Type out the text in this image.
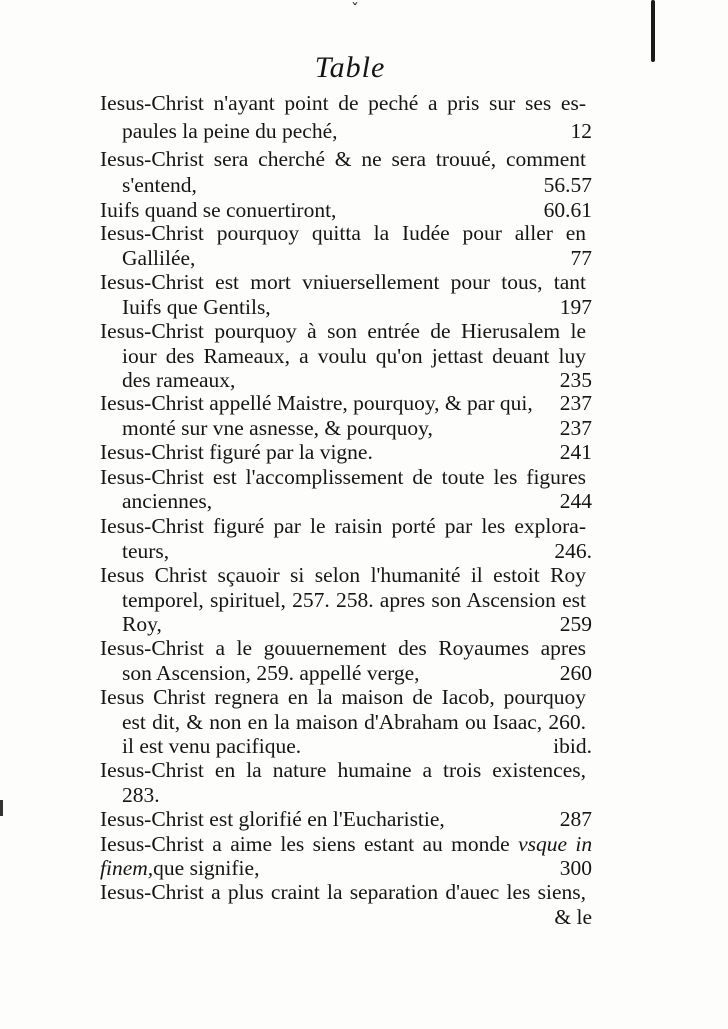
ˇ
Table
Iesus-Christ n'ayant point de peché a pris sur ses es-
paules la peine du peché,	12
Iesus-Christ sera cherché & ne sera trouué, comment
s'entend,	56.57
Iuifs quand se conuertiront,	60.61
Iesus-Christ pourquoy quitta la Iudée pour aller en
Gallilée,	77
Iesus-Christ est mort vniuersellement pour tous, tant
Iuifs que Gentils,	197
Iesus-Christ pourquoy à son entrée de Hierusalem le
iour des Rameaux, a voulu qu'on jettast deuant luy
des rameaux,	235
Iesus-Christ appellé Maistre, pourquoy, & par qui, 237
monté sur vne asnesse, & pourquoy,	237
Iesus-Christ figuré par la vigne.	241
Iesus-Christ est l'accomplissement de toute les figures
anciennes,	244
Iesus-Christ figuré par le raisin porté par les explora-
teurs,	246.
Iesus Christ sçauoir si selon l'humanité il estoit Roy
temporel, spirituel, 257. 258. apres son Ascension est
Roy,	259
Iesus-Christ a le gouuernement des Royaumes apres
son Ascension, 259. appellé verge,	260
Iesus Christ regnera en la maison de Iacob, pourquoy
est dit, & non en la maison d'Abraham ou Isaac, 260.
il est venu pacifique.	ibid.
Iesus-Christ en la nature humaine a trois existences,
283.
Iesus-Christ est glorifié en l'Eucharistie,	287
Iesus-Christ a aime les siens estant au monde vsque in
finem,que signifie,	300
Iesus-Christ a plus craint la separation d'auec les siens,
& le
